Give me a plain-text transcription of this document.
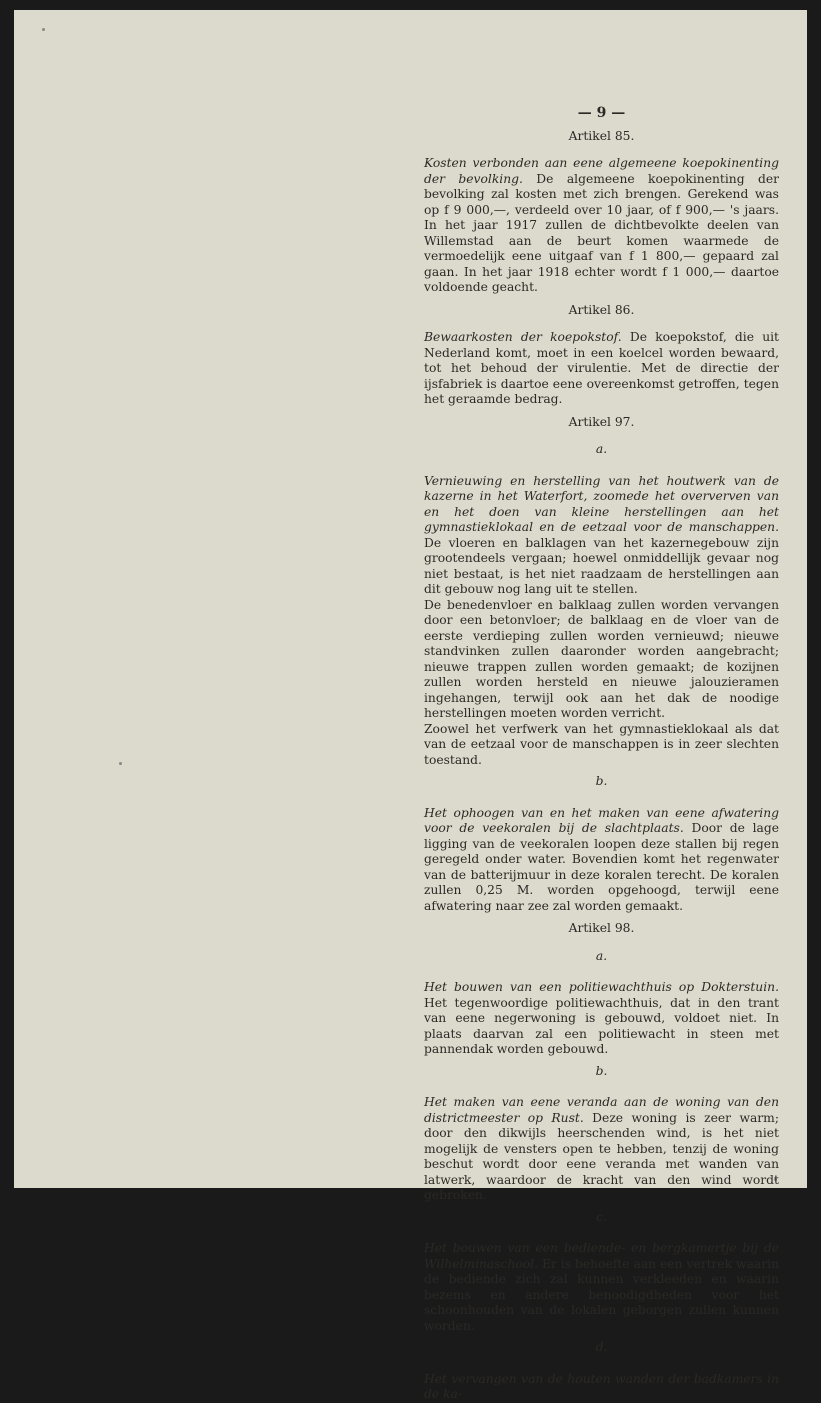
— 9 —
Artikel 85.

Kosten verbonden aan eene algemeene koepokinenting der bevolking. De algemeene koepokinenting der bevolking zal kosten met zich brengen. Gerekend was op f 9 000,—, verdeeld over 10 jaar, of f 900,— 's jaars. In het jaar 1917 zullen de dichtbevolkte deelen van Willemstad aan de beurt komen waarmede de vermoedelijk eene uitgaaf van f 1 800,— gepaard zal gaan. In het jaar 1918 echter wordt f 1 000,— daartoe voldoende geacht.

Artikel 86.

Bewaarkosten der koepokstof. De koepokstof, die uit Nederland komt, moet in een koelcel worden bewaard, tot het behoud der virulentie. Met de directie der ijsfabriek is daartoe eene overeenkomst getroffen, tegen het geraamde bedrag.

Artikel 97.
a.

Vernieuwing en herstelling van het houtwerk van de kazerne in het Waterfort, zoomede het oververven van en het doen van kleine herstellingen aan het gymnastieklokaal en de eetzaal voor de manschappen. De vloeren en balklagen van het kazernegebouw zijn grootendeels vergaan; hoewel onmiddellijk gevaar nog niet bestaat, is het niet raadzaam de herstellingen aan dit gebouw nog lang uit te stellen.

De benedenvloer en balklaag zullen worden vervangen door een betonvloer; de balklaag en de vloer van de eerste verdieping zullen worden vernieuwd; nieuwe standvinken zullen daaronder worden aangebracht; nieuwe trappen zullen worden gemaakt; de kozijnen zullen worden hersteld en nieuwe jalouzieramen ingehangen, terwijl ook aan het dak de noodige herstellingen moeten worden verricht.

Zoowel het verfwerk van het gymnastieklokaal als dat van de eetzaal voor de manschappen is in zeer slechten toestand.

b.

Het ophoogen van en het maken van eene afwatering voor de veekoralen bij de slachtplaats. Door de lage ligging van de veekoralen loopen deze stallen bij regen geregeld onder water. Bovendien komt het regenwater van de batterijmuur in deze koralen terecht. De koralen zullen 0,25 M. worden opgehoogd, terwijl eene afwatering naar zee zal worden gemaakt.

Artikel 98.
a.

Het bouwen van een politiewachthuis op Dokterstuin. Het tegenwoordige politiewachthuis, dat in den trant van eene negerwoning is gebouwd, voldoet niet. In plaats daarvan zal een politiewacht in steen met pannendak worden gebouwd.

b.

Het maken van eene veranda aan de woning van den districtmeester op Rust. Deze woning is zeer warm; door den dikwijls heerschenden wind, is het niet mogelijk de vensters open te hebben, tenzij de woning beschut wordt door eene veranda met wanden van latwerk, waardoor de kracht van den wind wordt gebroken.

c.

Het bouwen van een bediende- en bergkamertje bij de Wilhelminaschool. Er is behoefte aan een vertrek waarin de bediende zich zal kunnen verkleeden en waarin bezems en andere benoodigdheden voor het schoonhouden van de lokalen geborgen zullen kunnen worden.

d.

Het vervangen van de houten wanden der badkamers in de ka-
